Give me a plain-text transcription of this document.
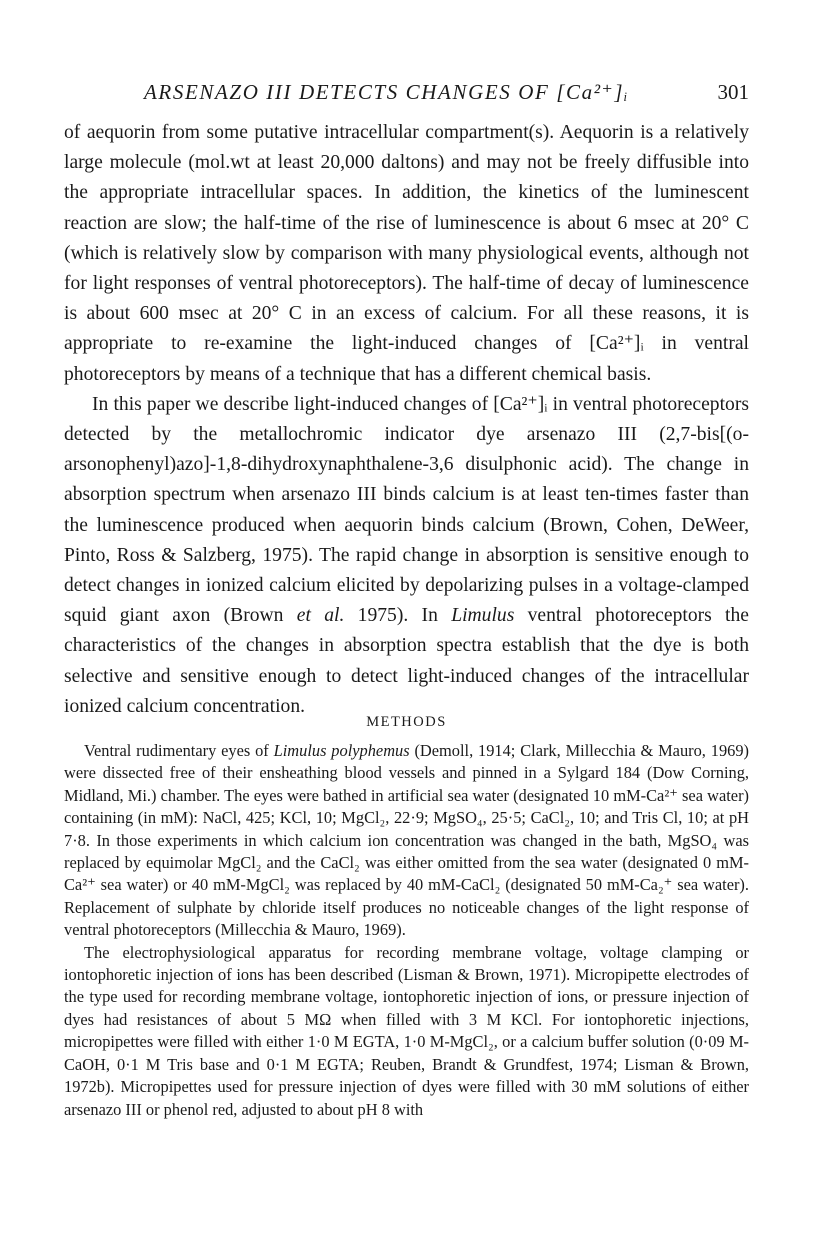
ARSENAZO III DETECTS CHANGES OF [Ca²⁺]ᵢ	301

of aequorin from some putative intracellular compartment(s). Aequorin is a relatively large molecule (mol.wt at least 20,000 daltons) and may not be freely diffusible into the appropriate intracellular spaces. In addition, the kinetics of the luminescent reaction are slow; the half-time of the rise of luminescence is about 6 msec at 20° C (which is relatively slow by comparison with many physiological events, although not for light responses of ventral photoreceptors). The half-time of decay of luminescence is about 600 msec at 20° C in an excess of calcium. For all these reasons, it is appropriate to re-examine the light-induced changes of [Ca²⁺]ᵢ in ventral photoreceptors by means of a technique that has a different chemical basis.

In this paper we describe light-induced changes of [Ca²⁺]ᵢ in ventral photoreceptors detected by the metallochromic indicator dye arsenazo III (2,7-bis[(o-arsonophenyl)azo]-1,8-dihydroxynaphthalene-3,6 disulphonic acid). The change in absorption spectrum when arsenazo III binds calcium is at least ten-times faster than the luminescence produced when aequorin binds calcium (Brown, Cohen, DeWeer, Pinto, Ross & Salzberg, 1975). The rapid change in absorption is sensitive enough to detect changes in ionized calcium elicited by depolarizing pulses in a voltage-clamped squid giant axon (Brown et al. 1975). In Limulus ventral photoreceptors the characteristics of the changes in absorption spectra establish that the dye is both selective and sensitive enough to detect light-induced changes of the intracellular ionized calcium concentration.

METHODS

Ventral rudimentary eyes of Limulus polyphemus (Demoll, 1914; Clark, Millecchia & Mauro, 1969) were dissected free of their ensheathing blood vessels and pinned in a Sylgard 184 (Dow Corning, Midland, Mi.) chamber. The eyes were bathed in artificial sea water (designated 10 mM-Ca²⁺ sea water) containing (in mM): NaCl, 425; KCl, 10; MgCl₂, 22·9; MgSO₄, 25·5; CaCl₂, 10; and Tris Cl, 10; at pH 7·8. In those experiments in which calcium ion concentration was changed in the bath, MgSO₄ was replaced by equimolar MgCl₂ and the CaCl₂ was either omitted from the sea water (designated 0 mM-Ca²⁺ sea water) or 40 mM-MgCl₂ was replaced by 40 mM-CaCl₂ (designated 50 mM-Ca₂⁺ sea water). Replacement of sulphate by chloride itself produces no noticeable changes of the light response of ventral photoreceptors (Millecchia & Mauro, 1969).

The electrophysiological apparatus for recording membrane voltage, voltage clamping or iontophoretic injection of ions has been described (Lisman & Brown, 1971). Micropipette electrodes of the type used for recording membrane voltage, iontophoretic injection of ions, or pressure injection of dyes had resistances of about 5 MΩ when filled with 3 M KCl. For iontophoretic injections, micropipettes were filled with either 1·0 M EGTA, 1·0 M-MgCl₂, or a calcium buffer solution (0·09 M-CaOH, 0·1 M Tris base and 0·1 M EGTA; Reuben, Brandt & Grundfest, 1974; Lisman & Brown, 1972b). Micropipettes used for pressure injection of dyes were filled with 30 mM solutions of either arsenazo III or phenol red, adjusted to about pH 8 with
